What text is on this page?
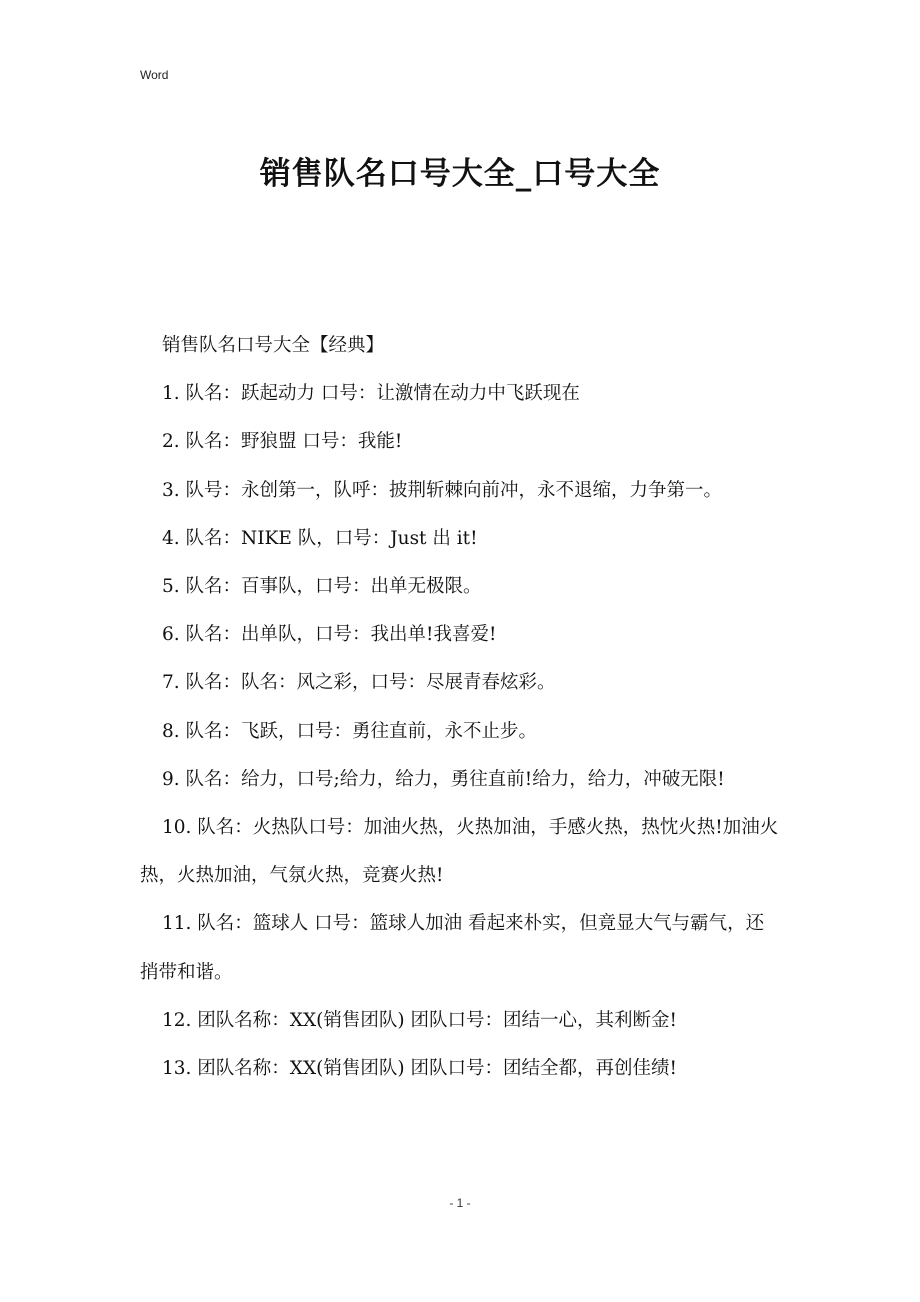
Word
销售队名口号大全_口号大全

销售队名口号大全【经典】

1. 队名：跃起动力 口号：让激情在动力中飞跃现在

2. 队名：野狼盟 口号：我能!

3. 队号：永创第一，队呼：披荆斩棘向前冲，永不退缩，力争第一。

4. 队名：NIKE 队，口号：Just 出 it!

5. 队名：百事队，口号：出单无极限。

6. 队名：出单队，口号：我出单!我喜爱!

7. 队名：队名：风之彩，口号：尽展青春炫彩。

8. 队名：飞跃，口号：勇往直前，永不止步。

9. 队名：给力，口号;给力，给力，勇往直前!给力，给力，冲破无限!

10. 队名：火热队口号：加油火热，火热加油，手感火热，热忱火热!加油火热，火热加油，气氛火热，竞赛火热!

11. 队名：篮球人 口号：篮球人加油 看起来朴实，但竟显大气与霸气，还捎带和谐。

12. 团队名称：XX(销售团队) 团队口号：团结一心，其利断金!

13. 团队名称：XX(销售团队) 团队口号：团结全都，再创佳绩!

- 1 -
